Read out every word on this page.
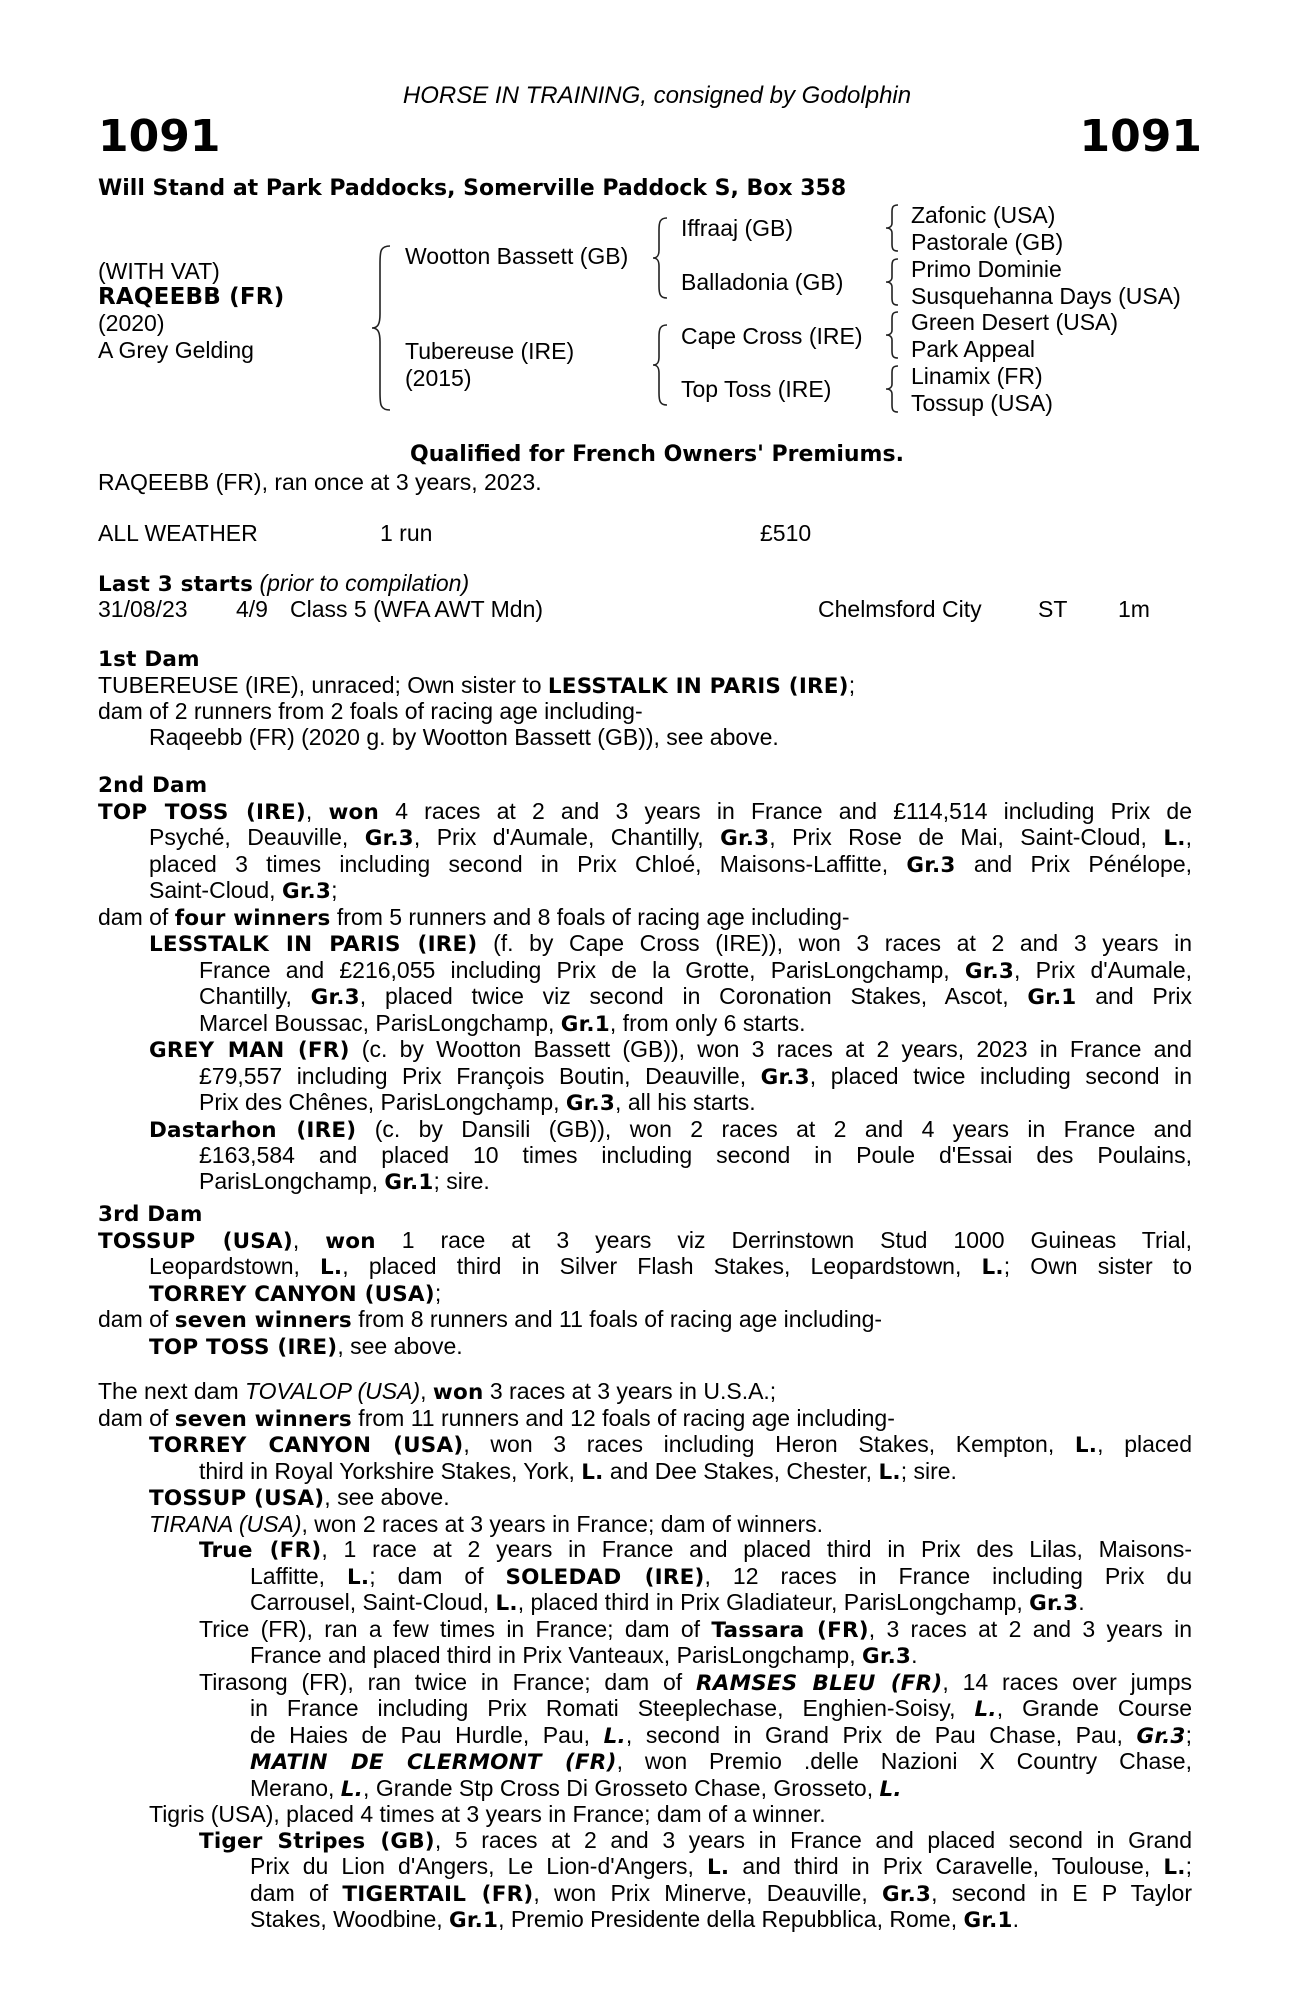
HORSE IN TRAINING, consigned by Godolphin
1091	1091
Will Stand at Park Paddocks, Somerville Paddock S, Box 358
(WITH VAT)
RAQEEBB (FR)
(2020)
A Grey Gelding
Wootton Bassett (GB)
Tubereuse (IRE)
(2015)
Iffraaj (GB)
Balladonia (GB)
Cape Cross (IRE)
Top Toss (IRE)
Zafonic (USA)
Pastorale (GB)
Primo Dominie
Susquehanna Days (USA)
Green Desert (USA)
Park Appeal
Linamix (FR)
Tossup (USA)
Qualified for French Owners' Premiums.
RAQEEBB (FR), ran once at 3 years, 2023.
ALL WEATHER	1 run	£510
Last 3 starts (prior to compilation)
31/08/23 4/9 Class 5 (WFA AWT Mdn)	Chelmsford City ST 1m
1st Dam
TUBEREUSE (IRE), unraced; Own sister to LESSTALK IN PARIS (IRE);
dam of 2 runners from 2 foals of racing age including-
Raqeebb (FR) (2020 g. by Wootton Bassett (GB)), see above.
2nd Dam
TOP TOSS (IRE), won 4 races at 2 and 3 years in France and £114,514 including Prix de
Psyché, Deauville, Gr.3, Prix d'Aumale, Chantilly, Gr.3, Prix Rose de Mai, Saint-Cloud, L.,
placed 3 times including second in Prix Chloé, Maisons-Laffitte, Gr.3 and Prix Pénélope,
Saint-Cloud, Gr.3;
dam of four winners from 5 runners and 8 foals of racing age including-
LESSTALK IN PARIS (IRE) (f. by Cape Cross (IRE)), won 3 races at 2 and 3 years in
France and £216,055 including Prix de la Grotte, ParisLongchamp, Gr.3, Prix d'Aumale,
Chantilly, Gr.3, placed twice viz second in Coronation Stakes, Ascot, Gr.1 and Prix
Marcel Boussac, ParisLongchamp, Gr.1, from only 6 starts.
GREY MAN (FR) (c. by Wootton Bassett (GB)), won 3 races at 2 years, 2023 in France and
£79,557 including Prix François Boutin, Deauville, Gr.3, placed twice including second in
Prix des Chênes, ParisLongchamp, Gr.3, all his starts.
Dastarhon (IRE) (c. by Dansili (GB)), won 2 races at 2 and 4 years in France and
£163,584 and placed 10 times including second in Poule d'Essai des Poulains,
ParisLongchamp, Gr.1; sire.
3rd Dam
TOSSUP (USA), won 1 race at 3 years viz Derrinstown Stud 1000 Guineas Trial,
Leopardstown, L., placed third in Silver Flash Stakes, Leopardstown, L.; Own sister to
TORREY CANYON (USA);
dam of seven winners from 8 runners and 11 foals of racing age including-
TOP TOSS (IRE), see above.
The next dam TOVALOP (USA), won 3 races at 3 years in U.S.A.;
dam of seven winners from 11 runners and 12 foals of racing age including-
TORREY CANYON (USA), won 3 races including Heron Stakes, Kempton, L., placed
third in Royal Yorkshire Stakes, York, L. and Dee Stakes, Chester, L.; sire.
TOSSUP (USA), see above.
TIRANA (USA), won 2 races at 3 years in France; dam of winners.
True (FR), 1 race at 2 years in France and placed third in Prix des Lilas, Maisons-
Laffitte, L.; dam of SOLEDAD (IRE), 12 races in France including Prix du
Carrousel, Saint-Cloud, L., placed third in Prix Gladiateur, ParisLongchamp, Gr.3.
Trice (FR), ran a few times in France; dam of Tassara (FR), 3 races at 2 and 3 years in
France and placed third in Prix Vanteaux, ParisLongchamp, Gr.3.
Tirasong (FR), ran twice in France; dam of RAMSES BLEU (FR), 14 races over jumps
in France including Prix Romati Steeplechase, Enghien-Soisy, L., Grande Course
de Haies de Pau Hurdle, Pau, L., second in Grand Prix de Pau Chase, Pau, Gr.3;
MATIN DE CLERMONT (FR), won Premio .delle Nazioni X Country Chase,
Merano, L., Grande Stp Cross Di Grosseto Chase, Grosseto, L.
Tigris (USA), placed 4 times at 3 years in France; dam of a winner.
Tiger Stripes (GB), 5 races at 2 and 3 years in France and placed second in Grand
Prix du Lion d'Angers, Le Lion-d'Angers, L. and third in Prix Caravelle, Toulouse, L.;
dam of TIGERTAIL (FR), won Prix Minerve, Deauville, Gr.3, second in E P Taylor
Stakes, Woodbine, Gr.1, Premio Presidente della Repubblica, Rome, Gr.1.
